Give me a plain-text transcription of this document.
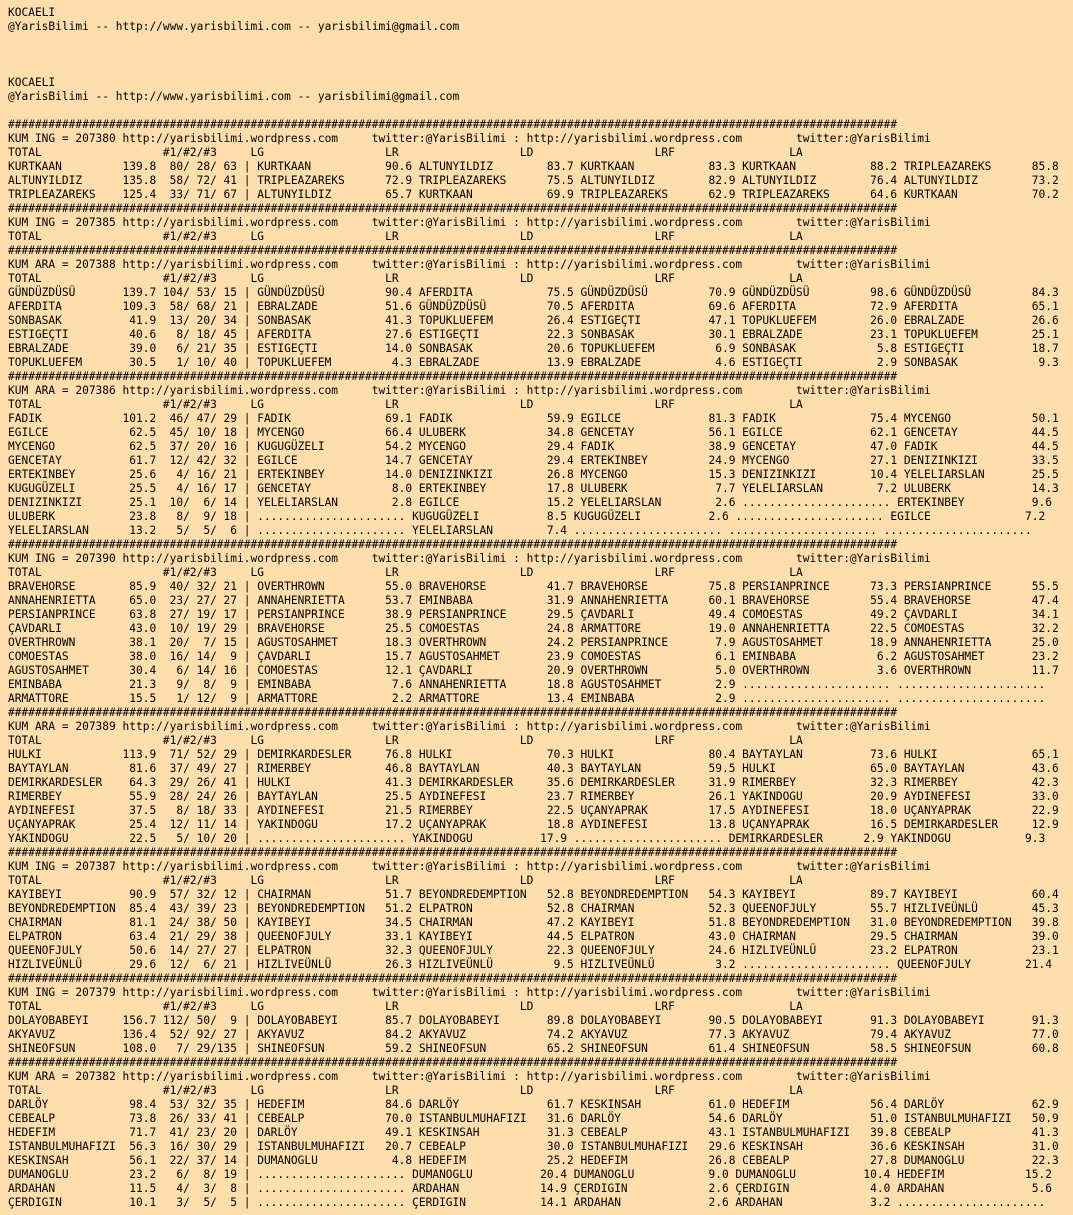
KOCAELI
@YarisBilimi -- http://www.yarisbilimi.com -- yarisbilimi@gmail.com
KOCAELI
@YarisBilimi -- http://www.yarisbilimi.com -- yarisbilimi@gmail.com
####################################################################################################################################
KUM ING = 207380 http://yarisbilimi.wordpress.com     twitter:@YarisBilimi : http://yarisbilimi.wordpress.com        twitter:@YarisBilimi
TOTAL                  #1/#2/#3     LG                  LR                  LD                  LRF                 LA
KURTKAAN         139.8  80/ 28/ 63 | KURTKAAN           90.6 ALTUNYILDIZ        83.7 KURTKAAN           83.3 KURTKAAN           88.2 TRIPLEAZAREKS      85.8
ALTUNYILDIZ      135.8  58/ 72/ 41 | TRIPLEAZAREKS      72.9 TRIPLEAZAREKS      75.5 ALTUNYILDIZ        82.9 ALTUNYILDIZ        76.4 ALTUNYILDIZ        73.2
TRIPLEAZAREKS    125.4  33/ 71/ 67 | ALTUNYILDIZ        65.7 KURTKAAN           69.9 TRIPLEAZAREKS      62.9 TRIPLEAZAREKS      64.6 KURTKAAN           70.2
####################################################################################################################################
KUM ING = 207385 http://yarisbilimi.wordpress.com     twitter:@YarisBilimi : http://yarisbilimi.wordpress.com        twitter:@YarisBilimi
TOTAL                  #1/#2/#3     LG                  LR                  LD                  LRF                 LA
####################################################################################################################################
KUM ARA = 207388 http://yarisbilimi.wordpress.com     twitter:@YarisBilimi : http://yarisbilimi.wordpress.com        twitter:@YarisBilimi
TOTAL                  #1/#2/#3     LG                  LR                  LD                  LRF                 LA
GÜNDÜZDÜSÜ       139.7 104/ 53/ 15 | GÜNDÜZDÜSÜ         90.4 AFERDITA           75.5 GÜNDÜZDÜSÜ         70.9 GÜNDÜZDÜSÜ         98.6 GÜNDÜZDÜSÜ         84.3
AFERDITA         109.3  58/ 68/ 21 | EBRALZADE          51.6 GÜNDÜZDÜSÜ         70.5 AFERDITA           69.6 AFERDITA           72.9 AFERDITA           65.1
SONBASAK          41.9  13/ 20/ 34 | SONBASAK           41.3 TOPUKLUEFEM        26.4 ESTIGEÇTI          47.1 TOPUKLUEFEM        26.0 EBRALZADE          26.6
ESTIGEÇTI         40.6   8/ 18/ 45 | AFERDITA           27.6 ESTIGEÇTI          22.3 SONBASAK           30.1 EBRALZADE          23.1 TOPUKLUEFEM        25.1
EBRALZADE         39.0   6/ 21/ 35 | ESTIGEÇTI          14.0 SONBASAK           20.6 TOPUKLUEFEM         6.9 SONBASAK            5.8 ESTIGEÇTI          18.7
TOPUKLUEFEM       30.5   1/ 10/ 40 | TOPUKLUEFEM         4.3 EBRALZADE          13.9 EBRALZADE           4.6 ESTIGEÇTI           2.9 SONBASAK            9.3
####################################################################################################################################
KUM ARA = 207386 http://yarisbilimi.wordpress.com     twitter:@YarisBilimi : http://yarisbilimi.wordpress.com        twitter:@YarisBilimi
TOTAL                  #1/#2/#3     LG                  LR                  LD                  LRF                 LA
FADIK            101.2  46/ 47/ 29 | FADIK              69.1 FADIK              59.9 EGILCE             81.3 FADIK              75.4 MYCENGO            50.1
EGILCE            62.5  45/ 10/ 18 | MYCENGO            66.4 ULUBERK            34.8 GENCETAY           56.1 EGILCE             62.1 GENCETAY           44.5
MYCENGO           62.5  37/ 20/ 16 | KUGUGÜZELI         54.2 MYCENGO            29.4 FADIK              38.9 GENCETAY           47.0 FADIK              44.5
GENCETAY          61.7  12/ 42/ 32 | EGILCE             14.7 GENCETAY           29.4 ERTEKINBEY         24.9 MYCENGO            27.1 DENIZINKIZI        33.5
ERTEKINBEY        25.6   4/ 16/ 21 | ERTEKINBEY         14.0 DENIZINKIZI        26.8 MYCENGO            15.3 DENIZINKIZI        10.4 YELELIARSLAN       25.5
KUGUGÜZELI        25.5   4/ 16/ 17 | GENCETAY            8.0 ERTEKINBEY         17.8 ULUBERK             7.7 YELELIARSLAN        7.2 ULUBERK            14.3
DENIZINKIZI       25.1  10/  6/ 14 | YELELIARSLAN        2.8 EGILCE             15.2 YELELIARSLAN        2.6 ...................... ERTEKINBEY          9.6
ULUBERK           23.8   8/  9/ 18 | ...................... KUGUGÜZELI          8.5 KUGUGÜZELI          2.6 ...................... EGILCE              7.2
YELELIARSLAN      13.2   5/  5/  6 | ...................... YELELIARSLAN        7.4 ...................... ...................... ......................
####################################################################################################################################
KUM ING = 207390 http://yarisbilimi.wordpress.com     twitter:@YarisBilimi : http://yarisbilimi.wordpress.com        twitter:@YarisBilimi
TOTAL                  #1/#2/#3     LG                  LR                  LD                  LRF                 LA
BRAVEHORSE        85.9  40/ 32/ 21 | OVERTHROWN         55.0 BRAVEHORSE         41.7 BRAVEHORSE         75.8 PERSIANPRINCE      73.3 PERSIANPRINCE      55.5
ANNAHENRIETTA     65.0  23/ 27/ 27 | ANNAHENRIETTA      53.7 EMINBABA           31.9 ANNAHENRIETTA      60.1 BRAVEHORSE         55.4 BRAVEHORSE         47.4
PERSIANPRINCE     63.8  27/ 19/ 17 | PERSIANPRINCE      38.9 PERSIANPRINCE      29.5 ÇAVDARLI           49.4 COMOESTAS          49.2 ÇAVDARLI           34.1
ÇAVDARLI          43.0  10/ 19/ 29 | BRAVEHORSE         25.5 COMOESTAS          24.8 ARMATTORE          19.0 ANNAHENRIETTA      22.5 COMOESTAS          32.2
OVERTHROWN        38.1  20/  7/ 15 | AGUSTOSAHMET       18.3 OVERTHROWN         24.2 PERSIANPRINCE       7.9 AGUSTOSAHMET       18.9 ANNAHENRIETTA      25.0
COMOESTAS         38.0  16/ 14/  9 | ÇAVDARLI           15.7 AGUSTOSAHMET       23.9 COMOESTAS           6.1 EMINBABA            6.2 AGUSTOSAHMET       23.2
AGUSTOSAHMET      30.4   6/ 14/ 16 | COMOESTAS          12.1 ÇAVDARLI           20.9 OVERTHROWN          5.0 OVERTHROWN          3.6 OVERTHROWN         11.7
EMINBABA          21.3   9/  8/  9 | EMINBABA            7.6 ANNAHENRIETTA      18.8 AGUSTOSAHMET        2.9 ...................... ......................
ARMATTORE         15.5   1/ 12/  9 | ARMATTORE           2.2 ARMATTORE          13.4 EMINBABA            2.9 ...................... ......................
####################################################################################################################################
KUM ARA = 207389 http://yarisbilimi.wordpress.com     twitter:@YarisBilimi : http://yarisbilimi.wordpress.com        twitter:@YarisBilimi
TOTAL                  #1/#2/#3     LG                  LR                  LD                  LRF                 LA
HULKI            113.9  71/ 52/ 29 | DEMIRKARDESLER     76.8 HULKI              70.3 HULKI              80.4 BAYTAYLAN          73.6 HULKI              65.1
BAYTAYLAN         81.6  37/ 49/ 27 | RIMERBEY           46.8 BAYTAYLAN          40.3 BAYTAYLAN          59.5 HULKI              65.0 BAYTAYLAN          43.6
DEMIRKARDESLER    64.3  29/ 26/ 41 | HULKI              41.3 DEMIRKARDESLER     35.6 DEMIRKARDESLER     31.9 RIMERBEY           32.3 RIMERBEY           42.3
RIMERBEY          55.9  28/ 24/ 26 | BAYTAYLAN          25.5 AYDINEFESI         23.7 RIMERBEY           26.1 YAKINDOGU          20.9 AYDINEFESI         33.0
AYDINEFESI        37.5   8/ 18/ 33 | AYDINEFESI         21.5 RIMERBEY           22.5 UÇANYAPRAK         17.5 AYDINEFESI         18.0 UÇANYAPRAK         22.9
UÇANYAPRAK        25.4  12/ 11/ 14 | YAKINDOGU          17.2 UÇANYAPRAK         18.8 AYDINEFESI         13.8 UÇANYAPRAK         16.5 DEMIRKARDESLER     12.9
YAKINDOGU         22.5   5/ 10/ 20 | ...................... YAKINDOGU          17.9 ...................... DEMIRKARDESLER      2.9 YAKINDOGU           9.3
####################################################################################################################################
KUM ING = 207387 http://yarisbilimi.wordpress.com     twitter:@YarisBilimi : http://yarisbilimi.wordpress.com        twitter:@YarisBilimi
TOTAL                  #1/#2/#3     LG                  LR                  LD                  LRF                 LA
KAYIBEYI          90.9  57/ 32/ 12 | CHAIRMAN           51.7 BEYONDREDEMPTION   52.8 BEYONDREDEMPTION   54.3 KAYIBEYI           89.7 KAYIBEYI           60.4
BEYONDREDEMPTION  85.4  43/ 39/ 23 | BEYONDREDEMPTION   51.2 ELPATRON           52.8 CHAIRMAN           52.3 QUEENOFJULY        55.7 HIZLIVEÜNLÜ        45.3
CHAIRMAN          81.1  24/ 38/ 50 | KAYIBEYI           34.5 CHAIRMAN           47.2 KAYIBEYI           51.8 BEYONDREDEMPTION   31.0 BEYONDREDEMPTION   39.8
ELPATRON          63.4  21/ 29/ 38 | QUEENOFJULY        33.1 KAYIBEYI           44.5 ELPATRON           43.0 CHAIRMAN           29.5 CHAIRMAN           39.0
QUEENOFJULY       50.6  14/ 27/ 27 | ELPATRON           32.3 QUEENOFJULY        22.3 QUEENOFJULY        24.6 HIZLIVEÜNLÜ        23.2 ELPATRON           23.1
HIZLIVEÜNLÜ       29.6  12/  6/ 21 | HIZLIVEÜNLÜ        26.3 HIZLIVEÜNLÜ         9.5 HIZLIVEÜNLÜ         3.2 ...................... QUEENOFJULY        21.4
####################################################################################################################################
KUM ING = 207379 http://yarisbilimi.wordpress.com     twitter:@YarisBilimi : http://yarisbilimi.wordpress.com        twitter:@YarisBilimi
TOTAL                  #1/#2/#3     LG                  LR                  LD                  LRF                 LA
DOLAYOBABEYI     156.7 112/ 50/  9 | DOLAYOBABEYI       85.7 DOLAYOBABEYI       89.8 DOLAYOBABEYI       90.5 DOLAYOBABEYI       91.3 DOLAYOBABEYI       91.3
AKYAVUZ          136.4  52/ 92/ 27 | AKYAVUZ            84.2 AKYAVUZ            74.2 AKYAVUZ            77.3 AKYAVUZ            79.4 AKYAVUZ            77.0
SHINEOFSUN       108.0   7/ 29/135 | SHINEOFSUN         59.2 SHINEOFSUN         65.2 SHINEOFSUN         61.4 SHINEOFSUN         58.5 SHINEOFSUN         60.8
####################################################################################################################################
KUM ARA = 207382 http://yarisbilimi.wordpress.com     twitter:@YarisBilimi : http://yarisbilimi.wordpress.com        twitter:@YarisBilimi
TOTAL                  #1/#2/#3     LG                  LR                  LD                  LRF                 LA
DARLÖY            98.4  53/ 32/ 35 | HEDEFIM            84.6 DARLÖY             61.7 KESKINSAH          61.0 HEDEFIM            56.4 DARLÖY             62.9
CEBEALP           73.8  26/ 33/ 41 | CEBEALP            70.0 ISTANBULMUHAFIZI   31.6 DARLÖY             54.6 DARLÖY             51.0 ISTANBULMUHAFIZI   50.9
HEDEFIM           71.7  41/ 23/ 20 | DARLÖY             49.1 KESKINSAH          31.3 CEBEALP            43.1 ISTANBULMUHAFIZI   39.8 CEBEALP            41.3
ISTANBULMUHAFIZI  56.3  16/ 30/ 29 | ISTANBULMUHAFIZI   20.7 CEBEALP            30.0 ISTANBULMUHAFIZI   29.6 KESKINSAH          36.6 KESKINSAH          31.0
KESKINSAH         56.1  22/ 37/ 14 | DUMANOGLU           4.8 HEDEFIM            25.2 HEDEFIM            26.8 CEBEALP            27.8 DUMANOGLU          22.3
DUMANOGLU         23.2   6/  8/ 19 | ...................... DUMANOGLU          20.4 DUMANOGLU           9.0 DUMANOGLU          10.4 HEDEFIM            15.2
ARDAHAN           11.5   4/  3/  8 | ...................... ARDAHAN            14.9 ÇERDIGIN            2.6 ÇERDIGIN            4.0 ARDAHAN             5.6
ÇERDIGIN          10.1   3/  5/  5 | ...................... ÇERDIGIN           14.1 ARDAHAN             2.6 ARDAHAN             3.2 ......................
